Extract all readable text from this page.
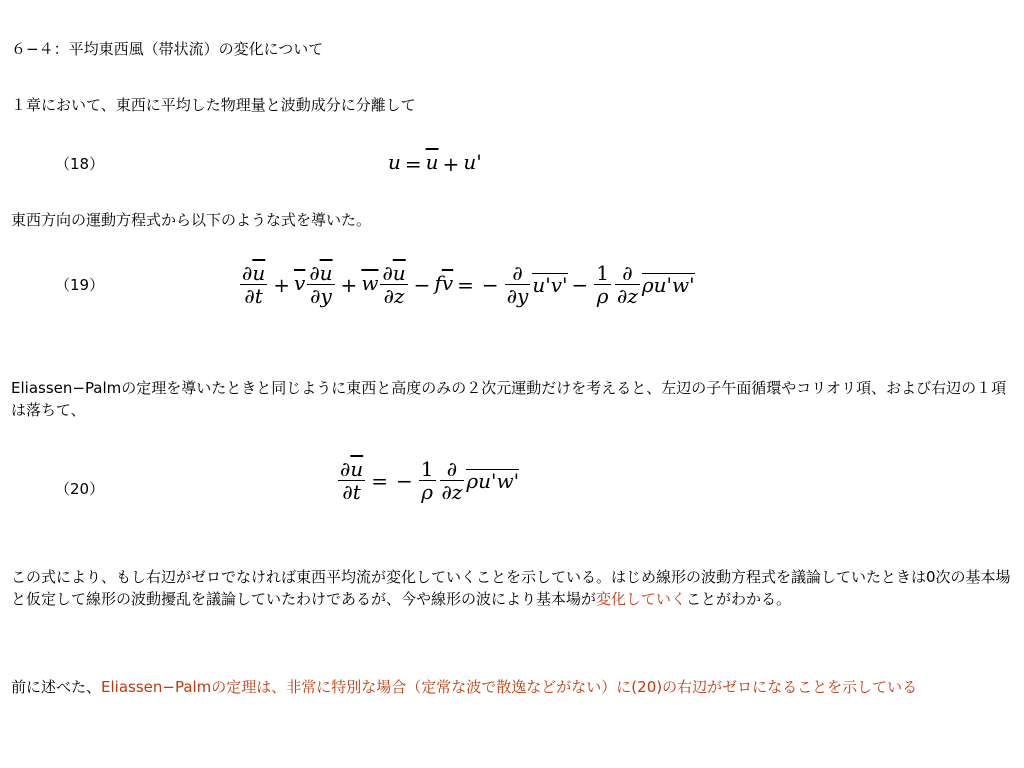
６−４：平均東西風（帯状流）の変化について
１章において、東西に平均した物理量と波動成分に分離して
（18）	$u = \overline{u} + u'$
東西方向の運動方程式から以下のような式を導いた。
（19）	$\frac{\partial\overline{u}}{\partial t} + \overline{v} \frac{\partial\overline{u}}{\partial y} + \overline{w} \frac{\partial\overline{u}}{\partial z} - f\overline{v}$ = − $\frac{\partial}{\partial y} u'v' - \frac{1}{\rho} \frac{\partial}{\partial z} \rho u'w'$
Eliassen−Palmの定理を導いたときと同じように東西と高度のみの２次元運動だけを考えると、左辺の子午面循環やコリオリ項、および右辺の１項は落ちて、
（20）	$\frac{\partial\overline{u}}{\partial t}$ = − $\frac{1}{\rho} \frac{\partial}{\partial z} \rho u'w'$
この式により、もし右辺がゼロでなければ東西平均流が変化していくことを示している。はじめ線形の波動方程式を議論していたときは0次の基本場と仮定して線形の波動擾乱を議論していたわけであるが、今や線形の波により基本場が変化していくことがわかる。
前に述べた、Eliassen−Palmの定理は、非常に特別な場合（定常な波で散逸などがない）に(20)の右辺がゼロになることを示している
